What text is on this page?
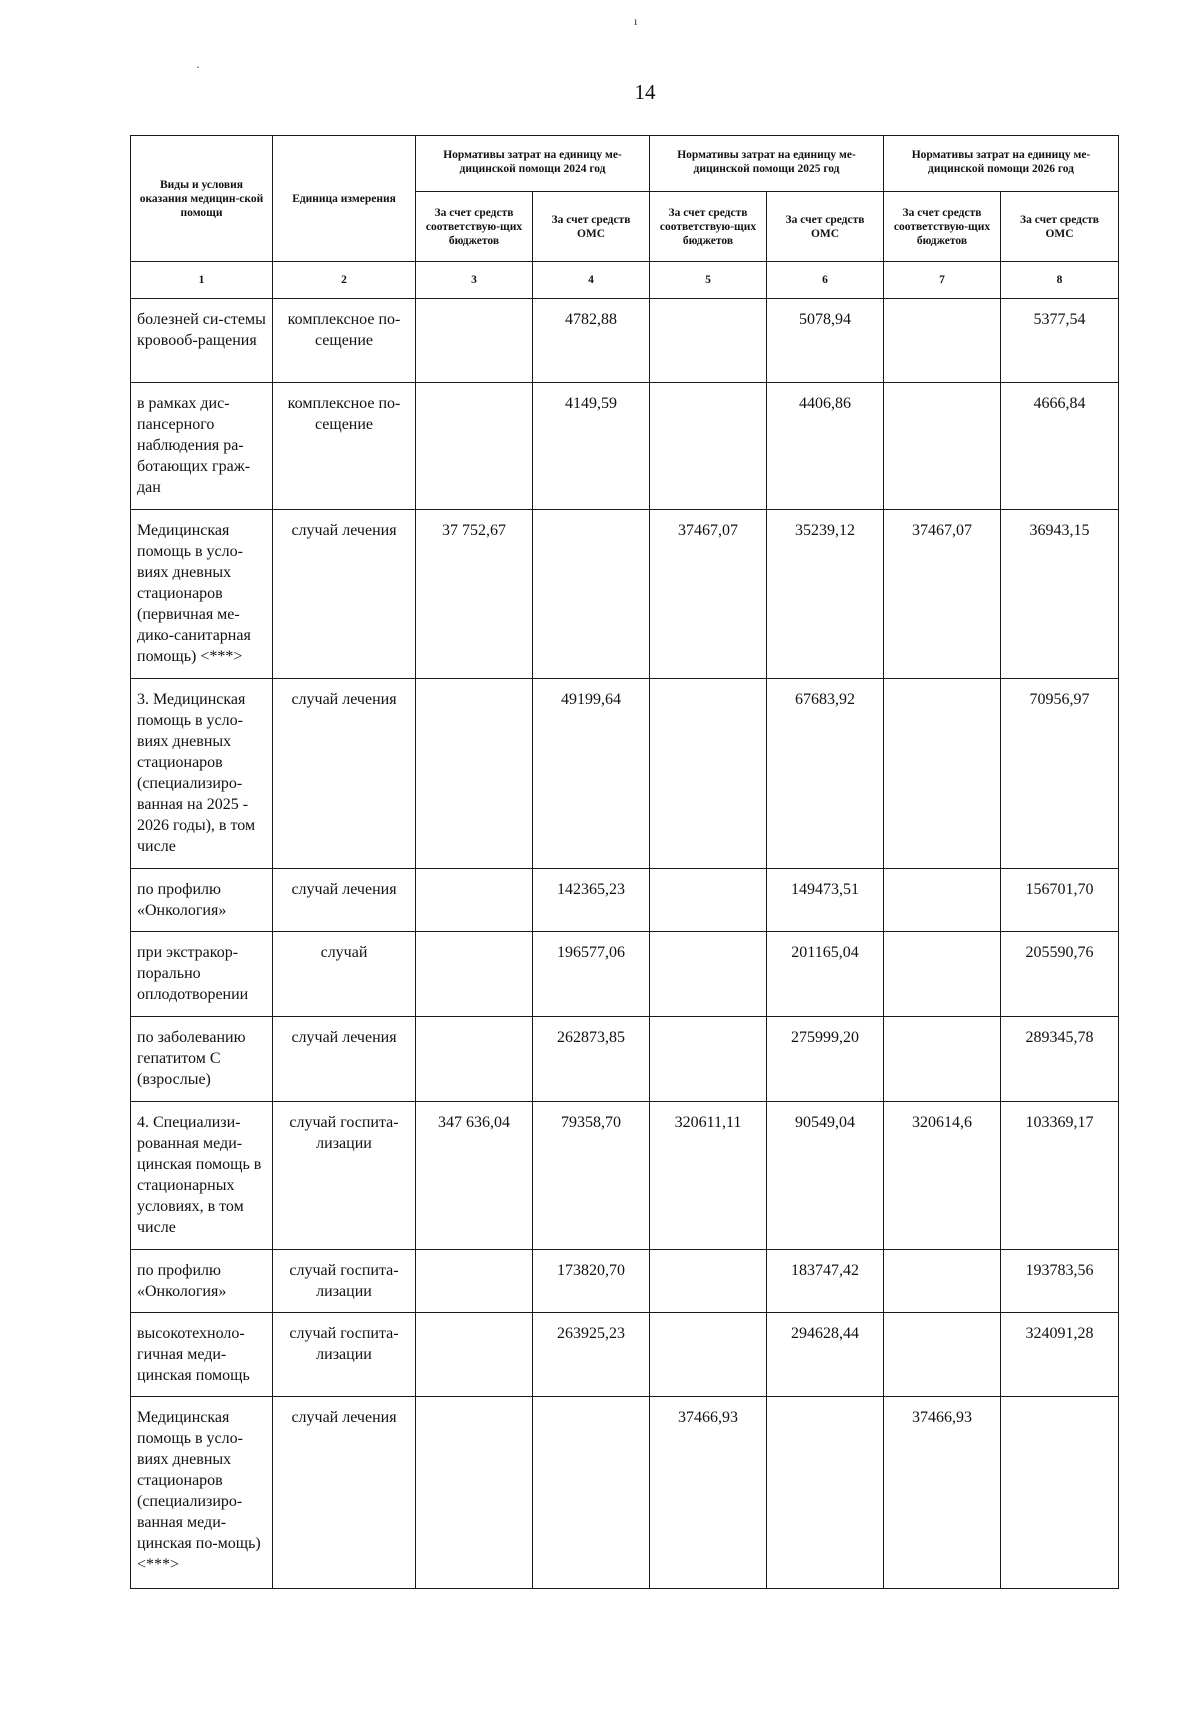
ı
·
14
Виды и условия оказания медицин-ской помощи	Единица измерения	Нормативы затрат на единицу ме-дицинской помощи 2024 год		Нормативы затрат на единицу ме-дицинской помощи 2025 год		Нормативы затрат на единицу ме-дицинской помощи 2026 год	
		За счет средств соответствую-щих бюджетов	За счет средств ОМС	За счет средств соответствую-щих бюджетов	За счет средств ОМС	За счет средств соответствую-щих бюджетов	За счет средств ОМС
1	2	3	4	5	6	7	8
болезней си-стемы кровооб-ращения	комплексное по-сещение		4782,88		5078,94		5377,54
в рамках дис-пансерного наблюдения ра-ботающих граж-дан	комплексное по-сещение		4149,59		4406,86		4666,84
Медицинская помощь в усло-виях дневных стационаров (первичная ме-дико-санитарная помощь) <***>	случай лечения	37 752,67		37467,07	35239,12	37467,07	36943,15
3. Медицинская помощь в усло-виях дневных стационаров (специализиро-ванная на 2025 - 2026 годы), в том числе	случай лечения		49199,64		67683,92		70956,97
по профилю «Онкология»	случай лечения		142365,23		149473,51		156701,70
при экстракор-порально оплодотворении	случай		196577,06		201165,04		205590,76
по заболеванию гепатитом С (взрослые)	случай лечения		262873,85		275999,20		289345,78
4. Специализи-рованная меди-цинская помощь в стационарных условиях, в том числе	случай госпита-лизации	347 636,04	79358,70	320611,11	90549,04	320614,6	103369,17
по профилю «Онкология»	случай госпита-лизации		173820,70		183747,42		193783,56
высокотехноло-гичная меди-цинская помощь	случай госпита-лизации		263925,23		294628,44		324091,28
Медицинская помощь в усло-виях дневных стационаров (специализиро-ванная меди-цинская по-мощь) <***>	случай лечения			37466,93		37466,93	
